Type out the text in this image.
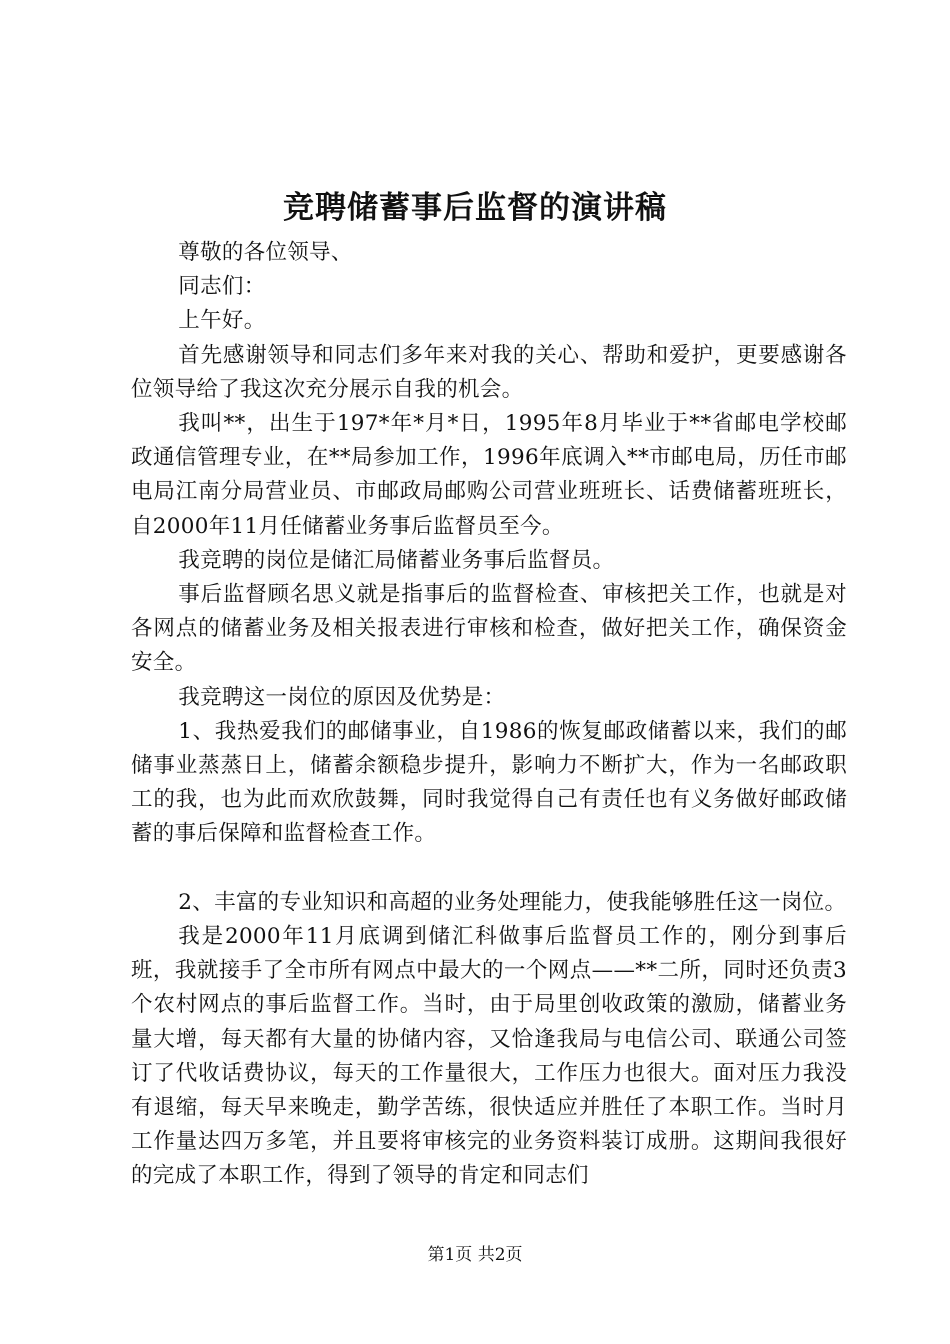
竞聘储蓄事后监督的演讲稿

尊敬的各位领导、

同志们：

上午好。

首先感谢领导和同志们多年来对我的关心、帮助和爱护，更要感谢各位领导给了我这次充分展示自我的机会。

我叫**，出生于197*年*月*日，1995年8月毕业于**省邮电学校邮政通信管理专业，在**局参加工作，1996年底调入**市邮电局，历任市邮电局江南分局营业员、市邮政局邮购公司营业班班长、话费储蓄班班长，自2000年11月任储蓄业务事后监督员至今。

我竞聘的岗位是储汇局储蓄业务事后监督员。

事后监督顾名思义就是指事后的监督检查、审核把关工作，也就是对各网点的储蓄业务及相关报表进行审核和检查，做好把关工作，确保资金安全。

我竞聘这一岗位的原因及优势是：

1、我热爱我们的邮储事业，自1986的恢复邮政储蓄以来，我们的邮储事业蒸蒸日上，储蓄余额稳步提升，影响力不断扩大，作为一名邮政职工的我，也为此而欢欣鼓舞，同时我觉得自己有责任也有义务做好邮政储蓄的事后保障和监督检查工作。

2、丰富的专业知识和高超的业务处理能力，使我能够胜任这一岗位。

我是2000年11月底调到储汇科做事后监督员工作的，刚分到事后班，我就接手了全市所有网点中最大的一个网点——**二所，同时还负责3个农村网点的事后监督工作。当时，由于局里创收政策的激励，储蓄业务量大增，每天都有大量的协储内容，又恰逢我局与电信公司、联通公司签订了代收话费协议，每天的工作量很大，工作压力也很大。面对压力我没有退缩，每天早来晚走，勤学苦练，很快适应并胜任了本职工作。当时月工作量达四万多笔，并且要将审核完的业务资料装订成册。这期间我很好的完成了本职工作，得到了领导的肯定和同志们

第1页 共2页
